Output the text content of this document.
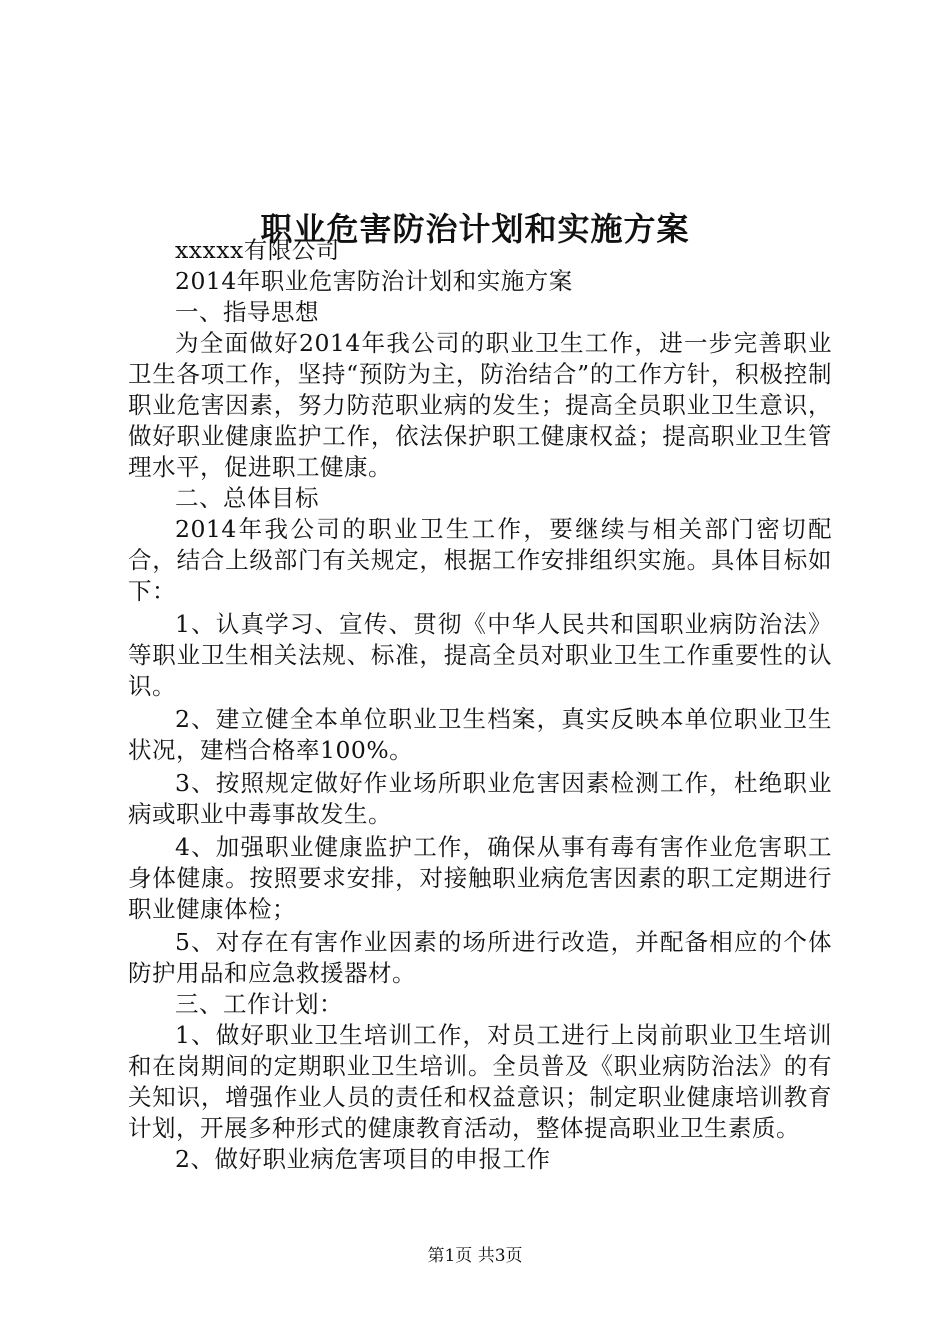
职业危害防治计划和实施方案

xxxxx有限公司

2014年职业危害防治计划和实施方案

一、指导思想

为全面做好2014年我公司的职业卫生工作，进一步完善职业卫生各项工作，坚持“预防为主，防治结合”的工作方针，积极控制职业危害因素，努力防范职业病的发生；提高全员职业卫生意识，做好职业健康监护工作，依法保护职工健康权益；提高职业卫生管理水平，促进职工健康。

二、总体目标

2014年我公司的职业卫生工作，要继续与相关部门密切配合，结合上级部门有关规定，根据工作安排组织实施。具体目标如下：

1、认真学习、宣传、贯彻《中华人民共和国职业病防治法》等职业卫生相关法规、标准，提高全员对职业卫生工作重要性的认识。

2、建立健全本单位职业卫生档案，真实反映本单位职业卫生状况，建档合格率100%。

3、按照规定做好作业场所职业危害因素检测工作，杜绝职业病或职业中毒事故发生。

4、加强职业健康监护工作，确保从事有毒有害作业危害职工身体健康。按照要求安排，对接触职业病危害因素的职工定期进行职业健康体检；

5、对存在有害作业因素的场所进行改造，并配备相应的个体防护用品和应急救援器材。

三、工作计划：

1、做好职业卫生培训工作，对员工进行上岗前职业卫生培训和在岗期间的定期职业卫生培训。全员普及《职业病防治法》的有关知识，增强作业人员的责任和权益意识；制定职业健康培训教育计划，开展多种形式的健康教育活动，整体提高职业卫生素质。

2、做好职业病危害项目的申报工作

第1页 共3页
